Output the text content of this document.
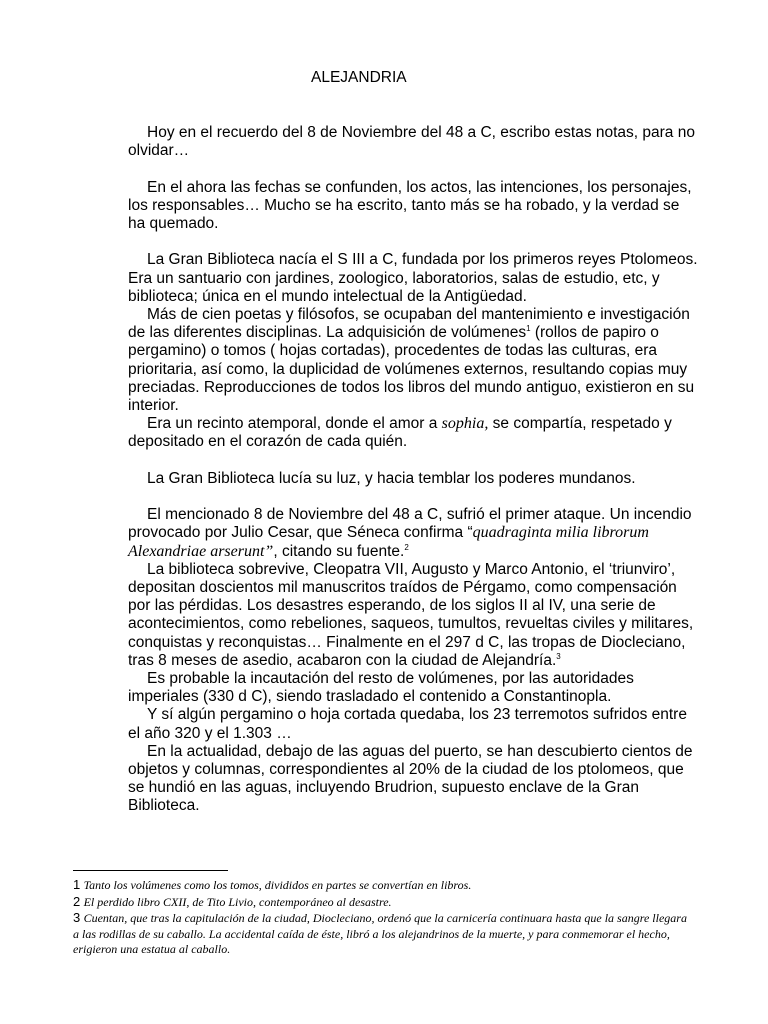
ALEJANDRIA

Hoy en el recuerdo del 8 de Noviembre del 48 a C, escribo estas notas, para no olvidar…

En el ahora las fechas se confunden, los actos, las intenciones, los personajes, los responsables… Mucho se ha escrito, tanto más se ha robado, y la verdad se ha quemado.

La Gran Biblioteca nacía el S III a C, fundada por los primeros reyes Ptolomeos. Era un santuario con jardines, zoologico, laboratorios, salas de estudio, etc, y biblioteca; única en el mundo intelectual de la Antigüedad.

Más de cien poetas y filósofos, se ocupaban del mantenimiento e investigación de las diferentes disciplinas. La adquisición de volúmenes$^1$ (rollos de papiro o pergamino) o tomos ( hojas cortadas), procedentes de todas las culturas, era prioritaria, así como, la duplicidad de volúmenes externos, resultando copias muy preciadas. Reproducciones de todos los libros del mundo antiguo, existieron en su interior.

Era un recinto atemporal, donde el amor a sophia, se compartía, respetado y depositado en el corazón de cada quién.

La Gran Biblioteca lucía su luz, y hacia temblar los poderes mundanos.

El mencionado 8 de Noviembre del 48 a C, sufrió el primer ataque. Un incendio provocado por Julio Cesar, que Séneca confirma “quadraginta milia librorum Alexandriae arserunt”, citando su fuente.$^2$

La biblioteca sobrevive, Cleopatra VII, Augusto y Marco Antonio, el ‘triunviro’, depositan doscientos mil manuscritos traídos de Pérgamo, como compensación por las pérdidas. Los desastres esperando, de los siglos II al IV, una serie de acontecimientos, como rebeliones, saqueos, tumultos, revueltas civiles y militares, conquistas y reconquistas… Finalmente en el 297 d C, las tropas de Diocleciano, tras 8 meses de asedio, acabaron con la ciudad de Alejandría.$^3$

Es probable la incautación del resto de volúmenes, por las autoridades imperiales (330 d C), siendo trasladado el contenido a Constantinopla.

Y sí algún pergamino o hoja cortada quedaba, los 23 terremotos sufridos entre el año 320 y el 1.303 …

En la actualidad, debajo de las aguas del puerto, se han descubierto cientos de objetos y columnas, correspondientes al 20% de la ciudad de los ptolomeos, que se hundió en las aguas, incluyendo Brudrion, supuesto enclave de la Gran Biblioteca.

1 Tanto los volúmenes como los tomos, divididos en partes se convertían en libros.

2 El perdido libro CXII, de Tito Livio, contemporáneo al desastre.

3 Cuentan, que tras la capitulación de la ciudad, Diocleciano, ordenó que la carnicería continuara hasta que la sangre llegara a las rodillas de su caballo. La accidental caída de éste, libró a los alejandrinos de la muerte, y para conmemorar el hecho, erigieron una estatua al caballo.
